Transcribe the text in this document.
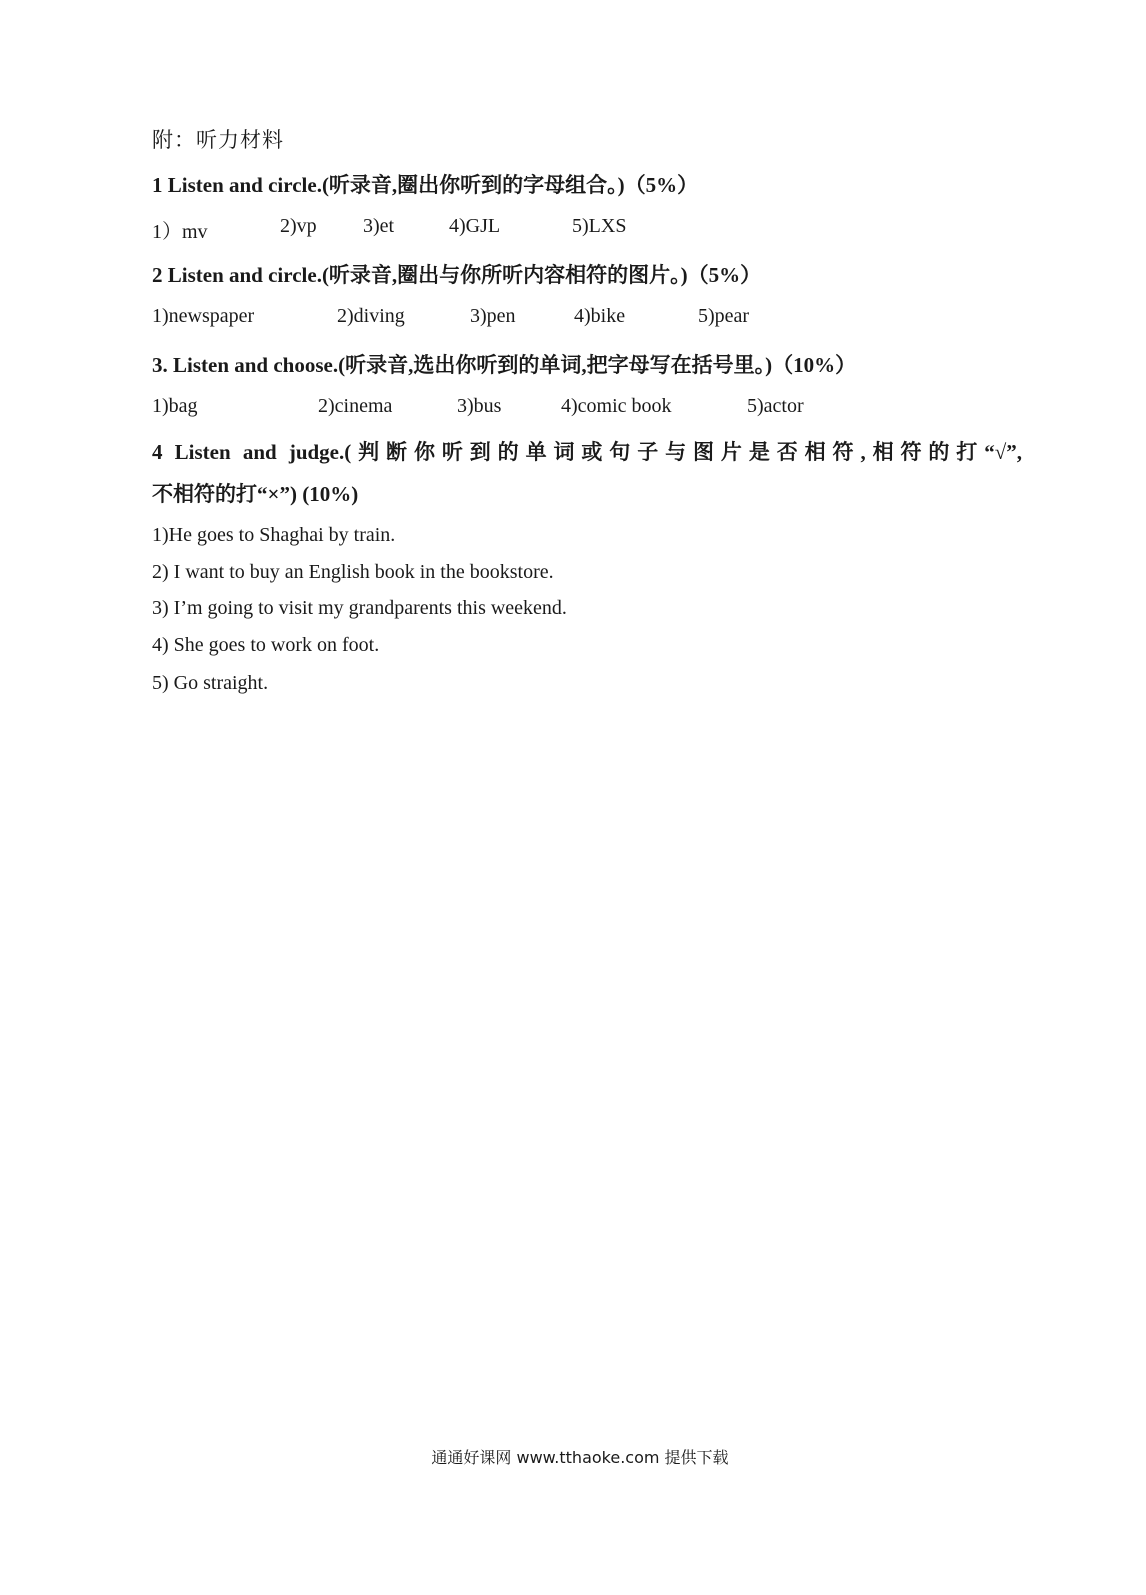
附：听力材料
1 Listen and circle.(听录音,圈出你听到的字母组合。)（5%）
1）mv	2)vp 3)et	4)GJL	5)LXS
2 Listen and circle.(听录音,圈出与你所听内容相符的图片。)（5%）
1)newspaper	2)diving	3)pen	4)bike	5)pear
3. Listen and choose.(听录音,选出你听到的单词,把字母写在括号里。)（10%）
1)bag	2)cinema	3)bus	4)comic book	5)actor
4 Listen and judge.(判断你听到的单词或句子与图片是否相符,相符的打“√”,
不相符的打“×”) (10%)
1)He goes to Shaghai by train.
2) I want to buy an English book in the bookstore.
3) I’m going to visit my grandparents this weekend.
4) She goes to work on foot.
5) Go straight.
通通好课网 www.tthaoke.com 提供下载
